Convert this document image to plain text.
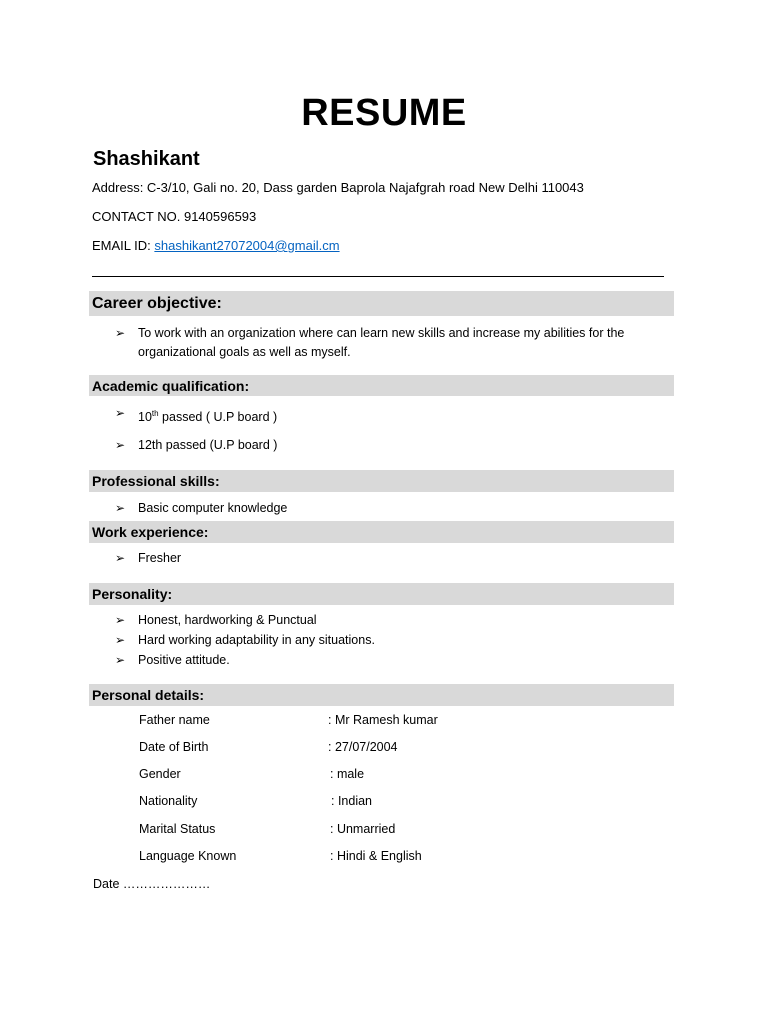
RESUME
Shashikant
Address: C-3/10, Gali no. 20, Dass garden Baprola Najafgrah road New Delhi 110043
CONTACT NO. 9140596593
EMAIL ID: shashikant27072004@gmail.cm
Career objective:
➢	To work with an organization where can learn new skills and increase my abilities for the organizational goals as well as myself.
Academic qualification:
➢	10th passed ( U.P board )
➢	12th passed (U.P board )
Professional skills:
➢	Basic computer knowledge
Work experience:
➢	Fresher
Personality:
➢	Honest, hardworking & Punctual
➢	Hard working adaptability in any situations.
➢	Positive attitude.
Personal details:
Father name	: Mr Ramesh kumar
Date of Birth	: 27/07/2004
Gender	: male
Nationality	: Indian
Marital Status	: Unmarried
Language Known	: Hindi & English
Date …………………
